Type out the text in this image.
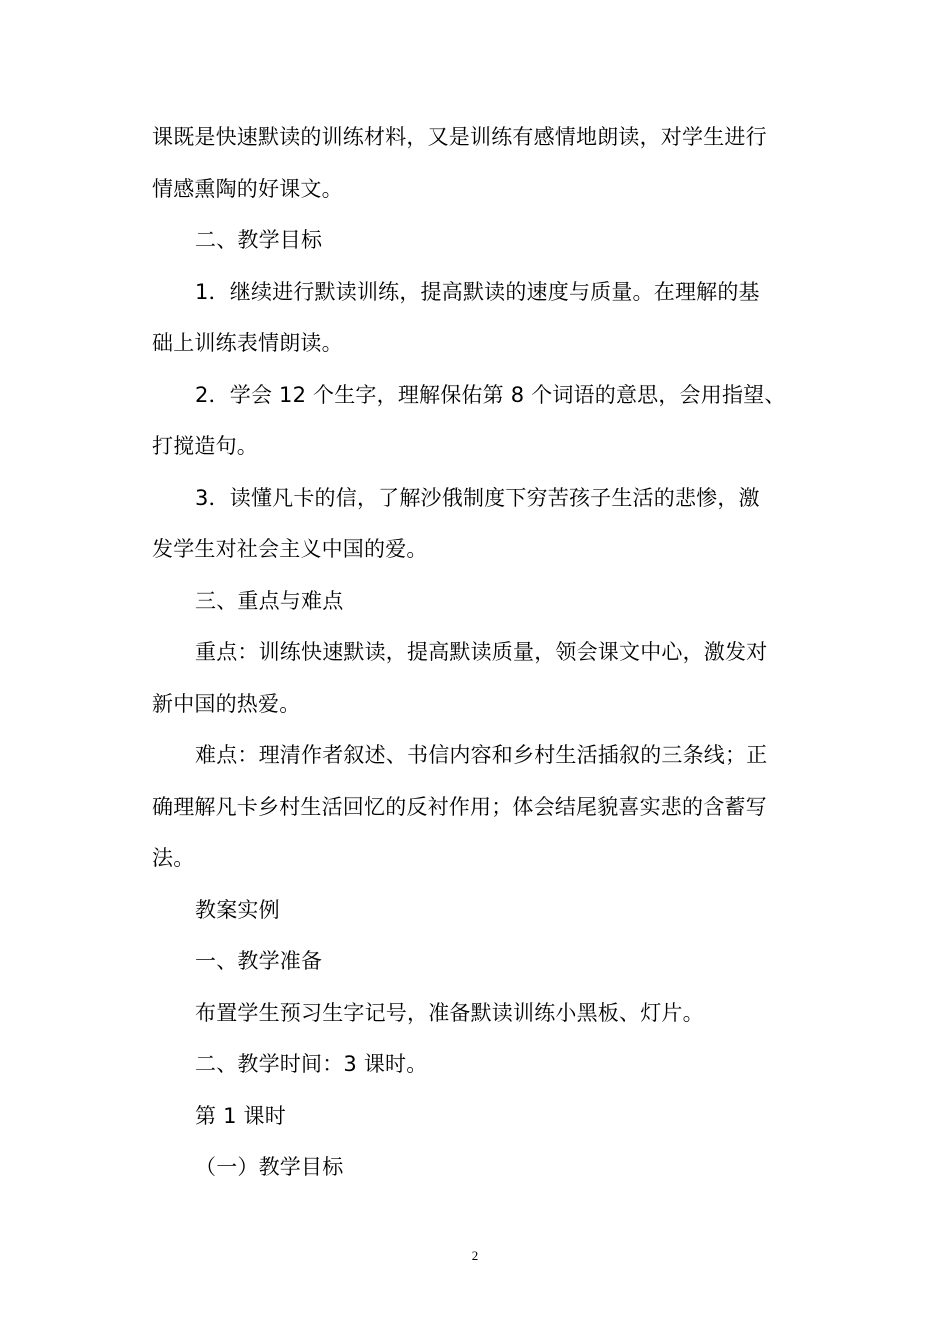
课既是快速默读的训练材料，又是训练有感情地朗读，对学生进行
情感熏陶的好课文。
二、教学目标
1．继续进行默读训练，提高默读的速度与质量。在理解的基
础上训练表情朗读。
2．学会 12 个生字，理解保佑第 8 个词语的意思，会用指望、
打搅造句。
3．读懂凡卡的信，了解沙俄制度下穷苦孩子生活的悲惨，激
发学生对社会主义中国的爱。
三、重点与难点
重点：训练快速默读，提高默读质量，领会课文中心，激发对
新中国的热爱。
难点：理清作者叙述、书信内容和乡村生活插叙的三条线；正
确理解凡卡乡村生活回忆的反衬作用；体会结尾貌喜实悲的含蓄写
法。
教案实例
一、教学准备
布置学生预习生字记号，准备默读训练小黑板、灯片。
二、教学时间：3 课时。
第 1 课时
（一）教学目标
2
